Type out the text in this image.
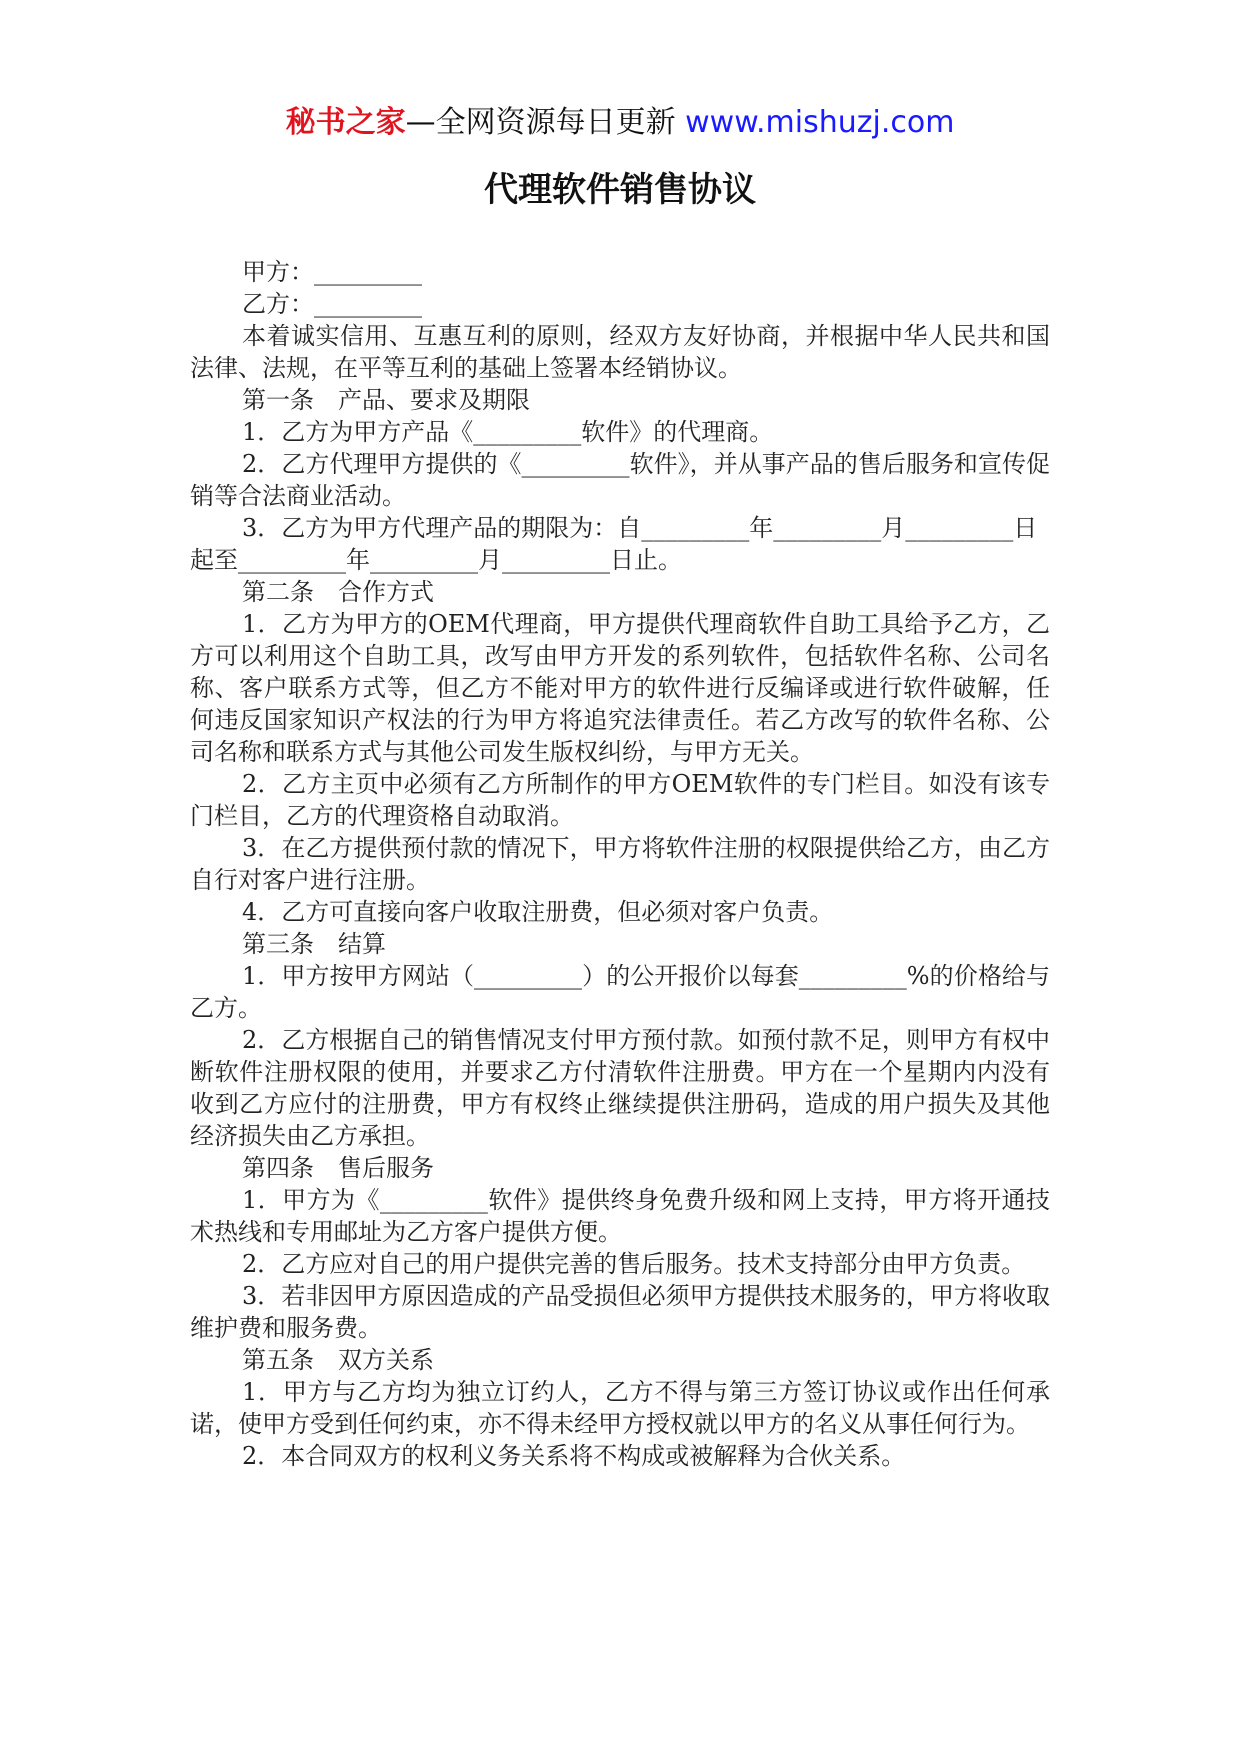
秘书之家—全网资源每日更新 www.mishuzj.com
代理软件销售协议

甲方：_________

乙方：_________

本着诚实信用、互惠互利的原则，经双方友好协商，并根据中华人民共和国法律、法规，在平等互利的基础上签署本经销协议。

第一条　产品、要求及期限

1．乙方为甲方产品《_________软件》的代理商。

2．乙方代理甲方提供的《_________软件》，并从事产品的售后服务和宣传促销等合法商业活动。

3．乙方为甲方代理产品的期限为：自_________年_________月_________日起至_________年_________月_________日止。

第二条　合作方式

1．乙方为甲方的OEM代理商，甲方提供代理商软件自助工具给予乙方，乙方可以利用这个自助工具，改写由甲方开发的系列软件，包括软件名称、公司名称、客户联系方式等，但乙方不能对甲方的软件进行反编译或进行软件破解，任何违反国家知识产权法的行为甲方将追究法律责任。若乙方改写的软件名称、公司名称和联系方式与其他公司发生版权纠纷，与甲方无关。

2．乙方主页中必须有乙方所制作的甲方OEM软件的专门栏目。如没有该专门栏目，乙方的代理资格自动取消。

3．在乙方提供预付款的情况下，甲方将软件注册的权限提供给乙方，由乙方自行对客户进行注册。

4．乙方可直接向客户收取注册费，但必须对客户负责。

第三条　结算

1．甲方按甲方网站（_________）的公开报价以每套_________%的价格给与乙方。

2．乙方根据自己的销售情况支付甲方预付款。如预付款不足，则甲方有权中断软件注册权限的使用，并要求乙方付清软件注册费。甲方在一个星期内内没有收到乙方应付的注册费，甲方有权终止继续提供注册码，造成的用户损失及其他经济损失由乙方承担。

第四条　售后服务

1．甲方为《_________软件》提供终身免费升级和网上支持，甲方将开通技术热线和专用邮址为乙方客户提供方便。

2．乙方应对自己的用户提供完善的售后服务。技术支持部分由甲方负责。

3．若非因甲方原因造成的产品受损但必须甲方提供技术服务的，甲方将收取维护费和服务费。

第五条　双方关系

1．甲方与乙方均为独立订约人，乙方不得与第三方签订协议或作出任何承诺，使甲方受到任何约束，亦不得未经甲方授权就以甲方的名义从事任何行为。

2．本合同双方的权利义务关系将不构成或被解释为合伙关系。
